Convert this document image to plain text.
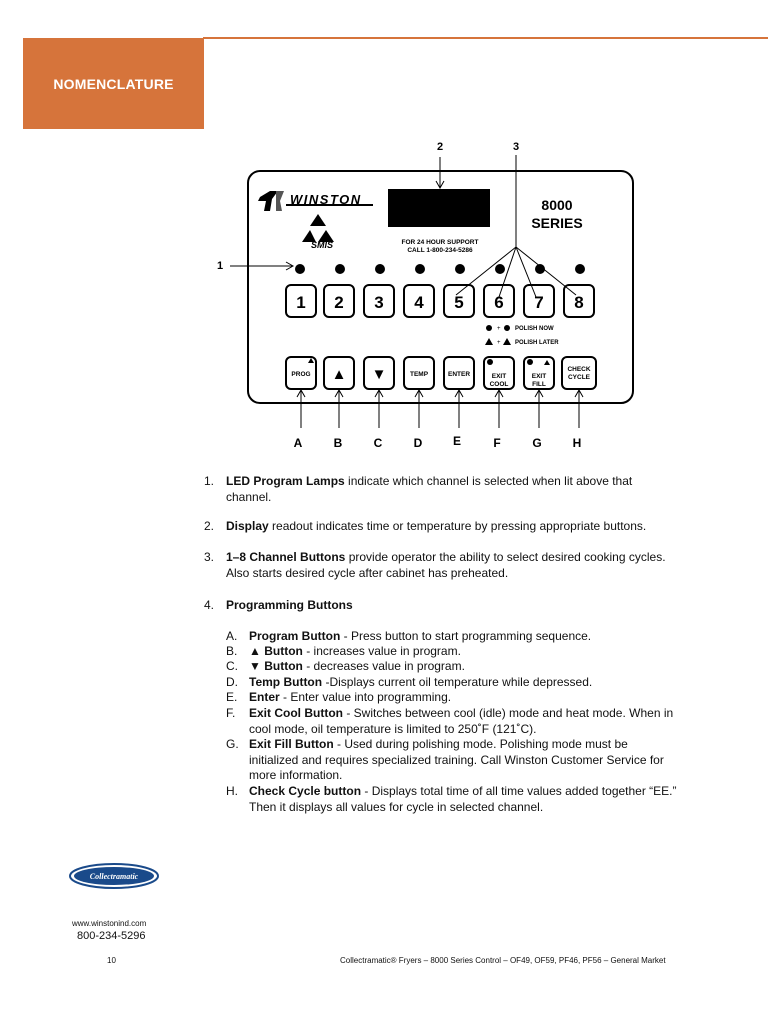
NOMENCLATURE
2	3
1
WINSTON
SMIS	FOR 24 HOUR SUPPORT
CALL 1-800-234-5286
8000
SERIES
1 2 3 4 5 6 7 8
+ POLISH NOW
+ POLISH LATER
PROG ▲ ▼	TEMP	ENTER	EXIT
COOL
EXIT
FILL
CHECK
CYCLE
A	B	C	D	E	F	G	H
1. LED Program Lamps indicate which channel is selected when lit above that channel.
2. Display readout indicates time or temperature by pressing appropriate buttons.
3. 1–8 Channel Buttons provide operator the ability to select desired cooking cycles. Also starts desired cycle after cabinet has preheated.
4. Programming Buttons
A. Program Button - Press button to start programming sequence.
B. ▲ Button - increases value in program.
C. ▼ Button - decreases value in program.
D. Temp Button -Displays current oil temperature while depressed.
E. Enter - Enter value into programming.
F. Exit Cool Button - Switches between cool (idle) mode and heat mode. When in cool mode, oil temperature is limited to 250˚F (121˚C).
G. Exit Fill Button - Used during polishing mode. Polishing mode must be initialized and requires specialized training. Call Winston Customer Service for more information.
H. Check Cycle button - Displays total time of all time values added together “EE.” Then it displays all values for cycle in selected channel.
Collectramatic
www.winstonind.com
800-234-5296
10	Collectramatic® Fryers – 8000 Series Control – OF49, OF59, PF46, PF56 – General Market
